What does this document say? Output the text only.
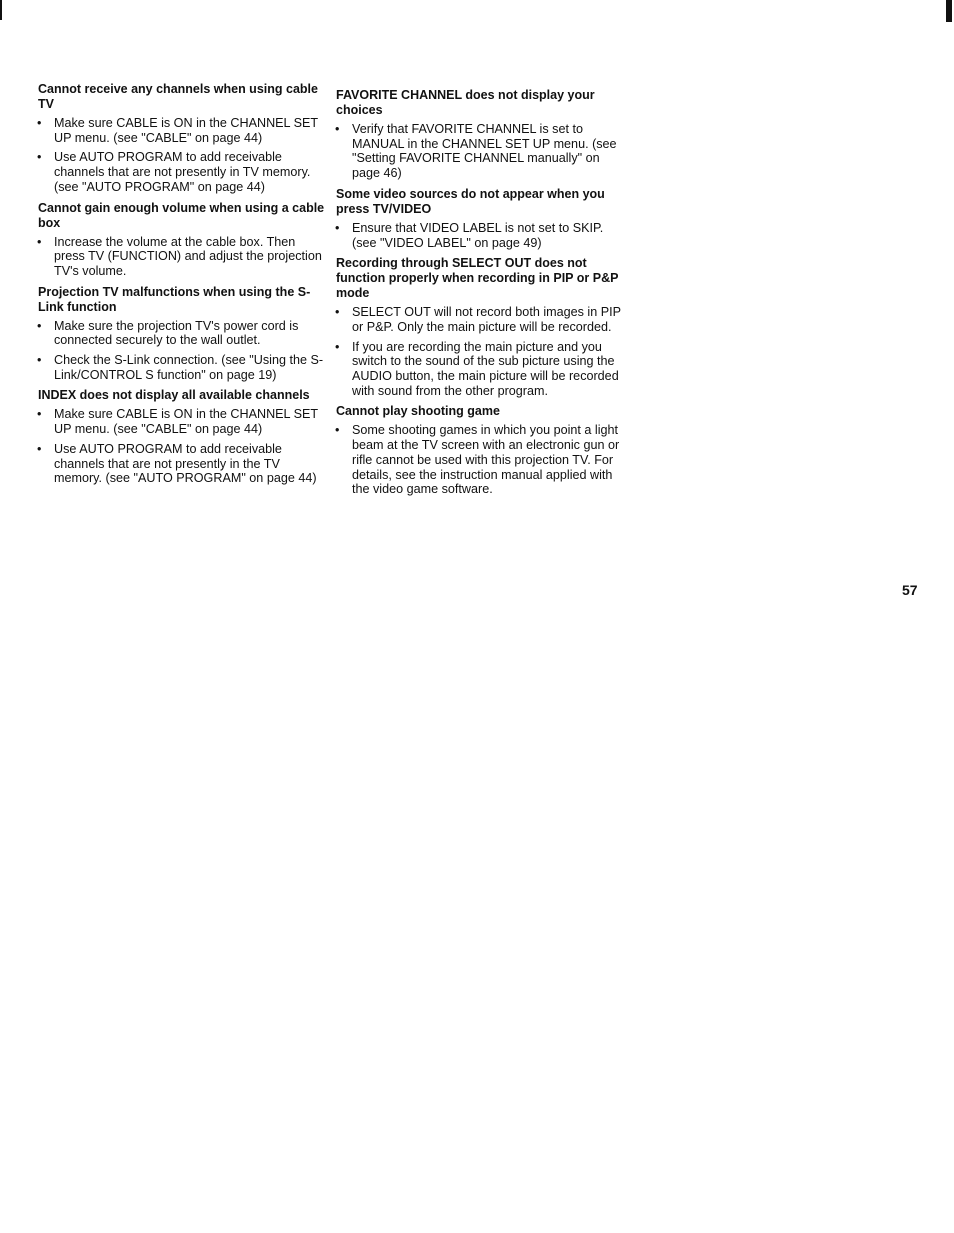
Cannot receive any channels when using cable TV

• Make sure CABLE is ON in the CHANNEL SET UP menu. (see "CABLE" on page 44)
• Use AUTO PROGRAM to add receivable channels that are not presently in TV memory. (see "AUTO PROGRAM" on page 44)

Cannot gain enough volume when using a cable box

• Increase the volume at the cable box. Then press TV (FUNCTION) and adjust the projection TV's volume.

Projection TV malfunctions when using the S-Link function

• Make sure the projection TV's power cord is connected securely to the wall outlet.
• Check the S-Link connection. (see "Using the S-Link/CONTROL S function" on page 19)

INDEX does not display all available channels

• Make sure CABLE is ON in the CHANNEL SET UP menu. (see "CABLE" on page 44)
• Use AUTO PROGRAM to add receivable channels that are not presently in the TV memory. (see "AUTO PROGRAM" on page 44)

FAVORITE CHANNEL does not display your choices

• Verify that FAVORITE CHANNEL is set to MANUAL in the CHANNEL SET UP menu. (see "Setting FAVORITE CHANNEL manually" on page 46)

Some video sources do not appear when you press TV/VIDEO

• Ensure that VIDEO LABEL is not set to SKIP. (see "VIDEO LABEL" on page 49)

Recording through SELECT OUT does not function properly when recording in PIP or P&P mode

• SELECT OUT will not record both images in PIP or P&P. Only the main picture will be recorded.
• If you are recording the main picture and you switch to the sound of the sub picture using the AUDIO button, the main picture will be recorded with sound from the other program.

Cannot play shooting game

• Some shooting games in which you point a light beam at the TV screen with an electronic gun or rifle cannot be used with this projection TV. For details, see the instruction manual applied with the video game software.
57
